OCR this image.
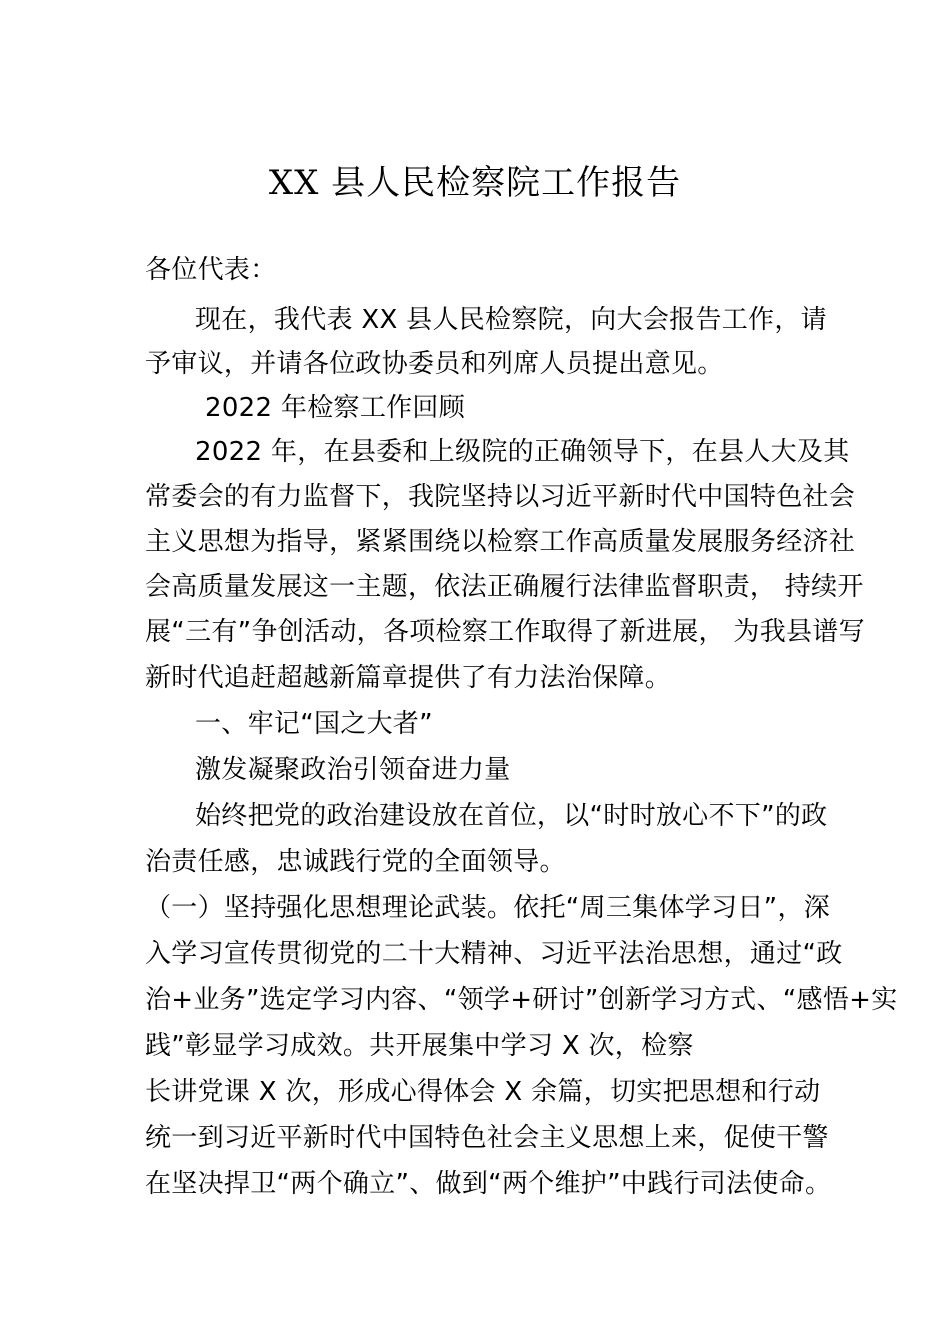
XX 县人民检察院工作报告
各位代表：
现在，我代表 XX 县人民检察院，向大会报告工作，请
予审议，并请各位政协委员和列席人员提出意见。
2022 年检察工作回顾
2022 年，在县委和上级院的正确领导下，在县人大及其
常委会的有力监督下，我院坚持以习近平新时代中国特色社会
主义思想为指导，紧紧围绕以检察工作高质量发展服务经济社
会高质量发展这一主题，依法正确履行法律监督职责， 持续开
展“三有”争创活动，各项检察工作取得了新进展， 为我县谱写
新时代追赶超越新篇章提供了有力法治保障。
一、牢记“国之大者”
激发凝聚政治引领奋进力量
始终把党的政治建设放在首位，以“时时放心不下”的政
治责任感，忠诚践行党的全面领导。
（一）坚持强化思想理论武装。依托“周三集体学习日”，深
入学习宣传贯彻党的二十大精神、习近平法治思想，通过“政
治+业务”选定学习内容、“领学+研讨”创新学习方式、“感悟+实
践”彰显学习成效。共开展集中学习 X 次，检察
长讲党课 X 次，形成心得体会 X 余篇，切实把思想和行动
统一到习近平新时代中国特色社会主义思想上来，促使干警
在坚决捍卫“两个确立”、做到“两个维护”中践行司法使命。
